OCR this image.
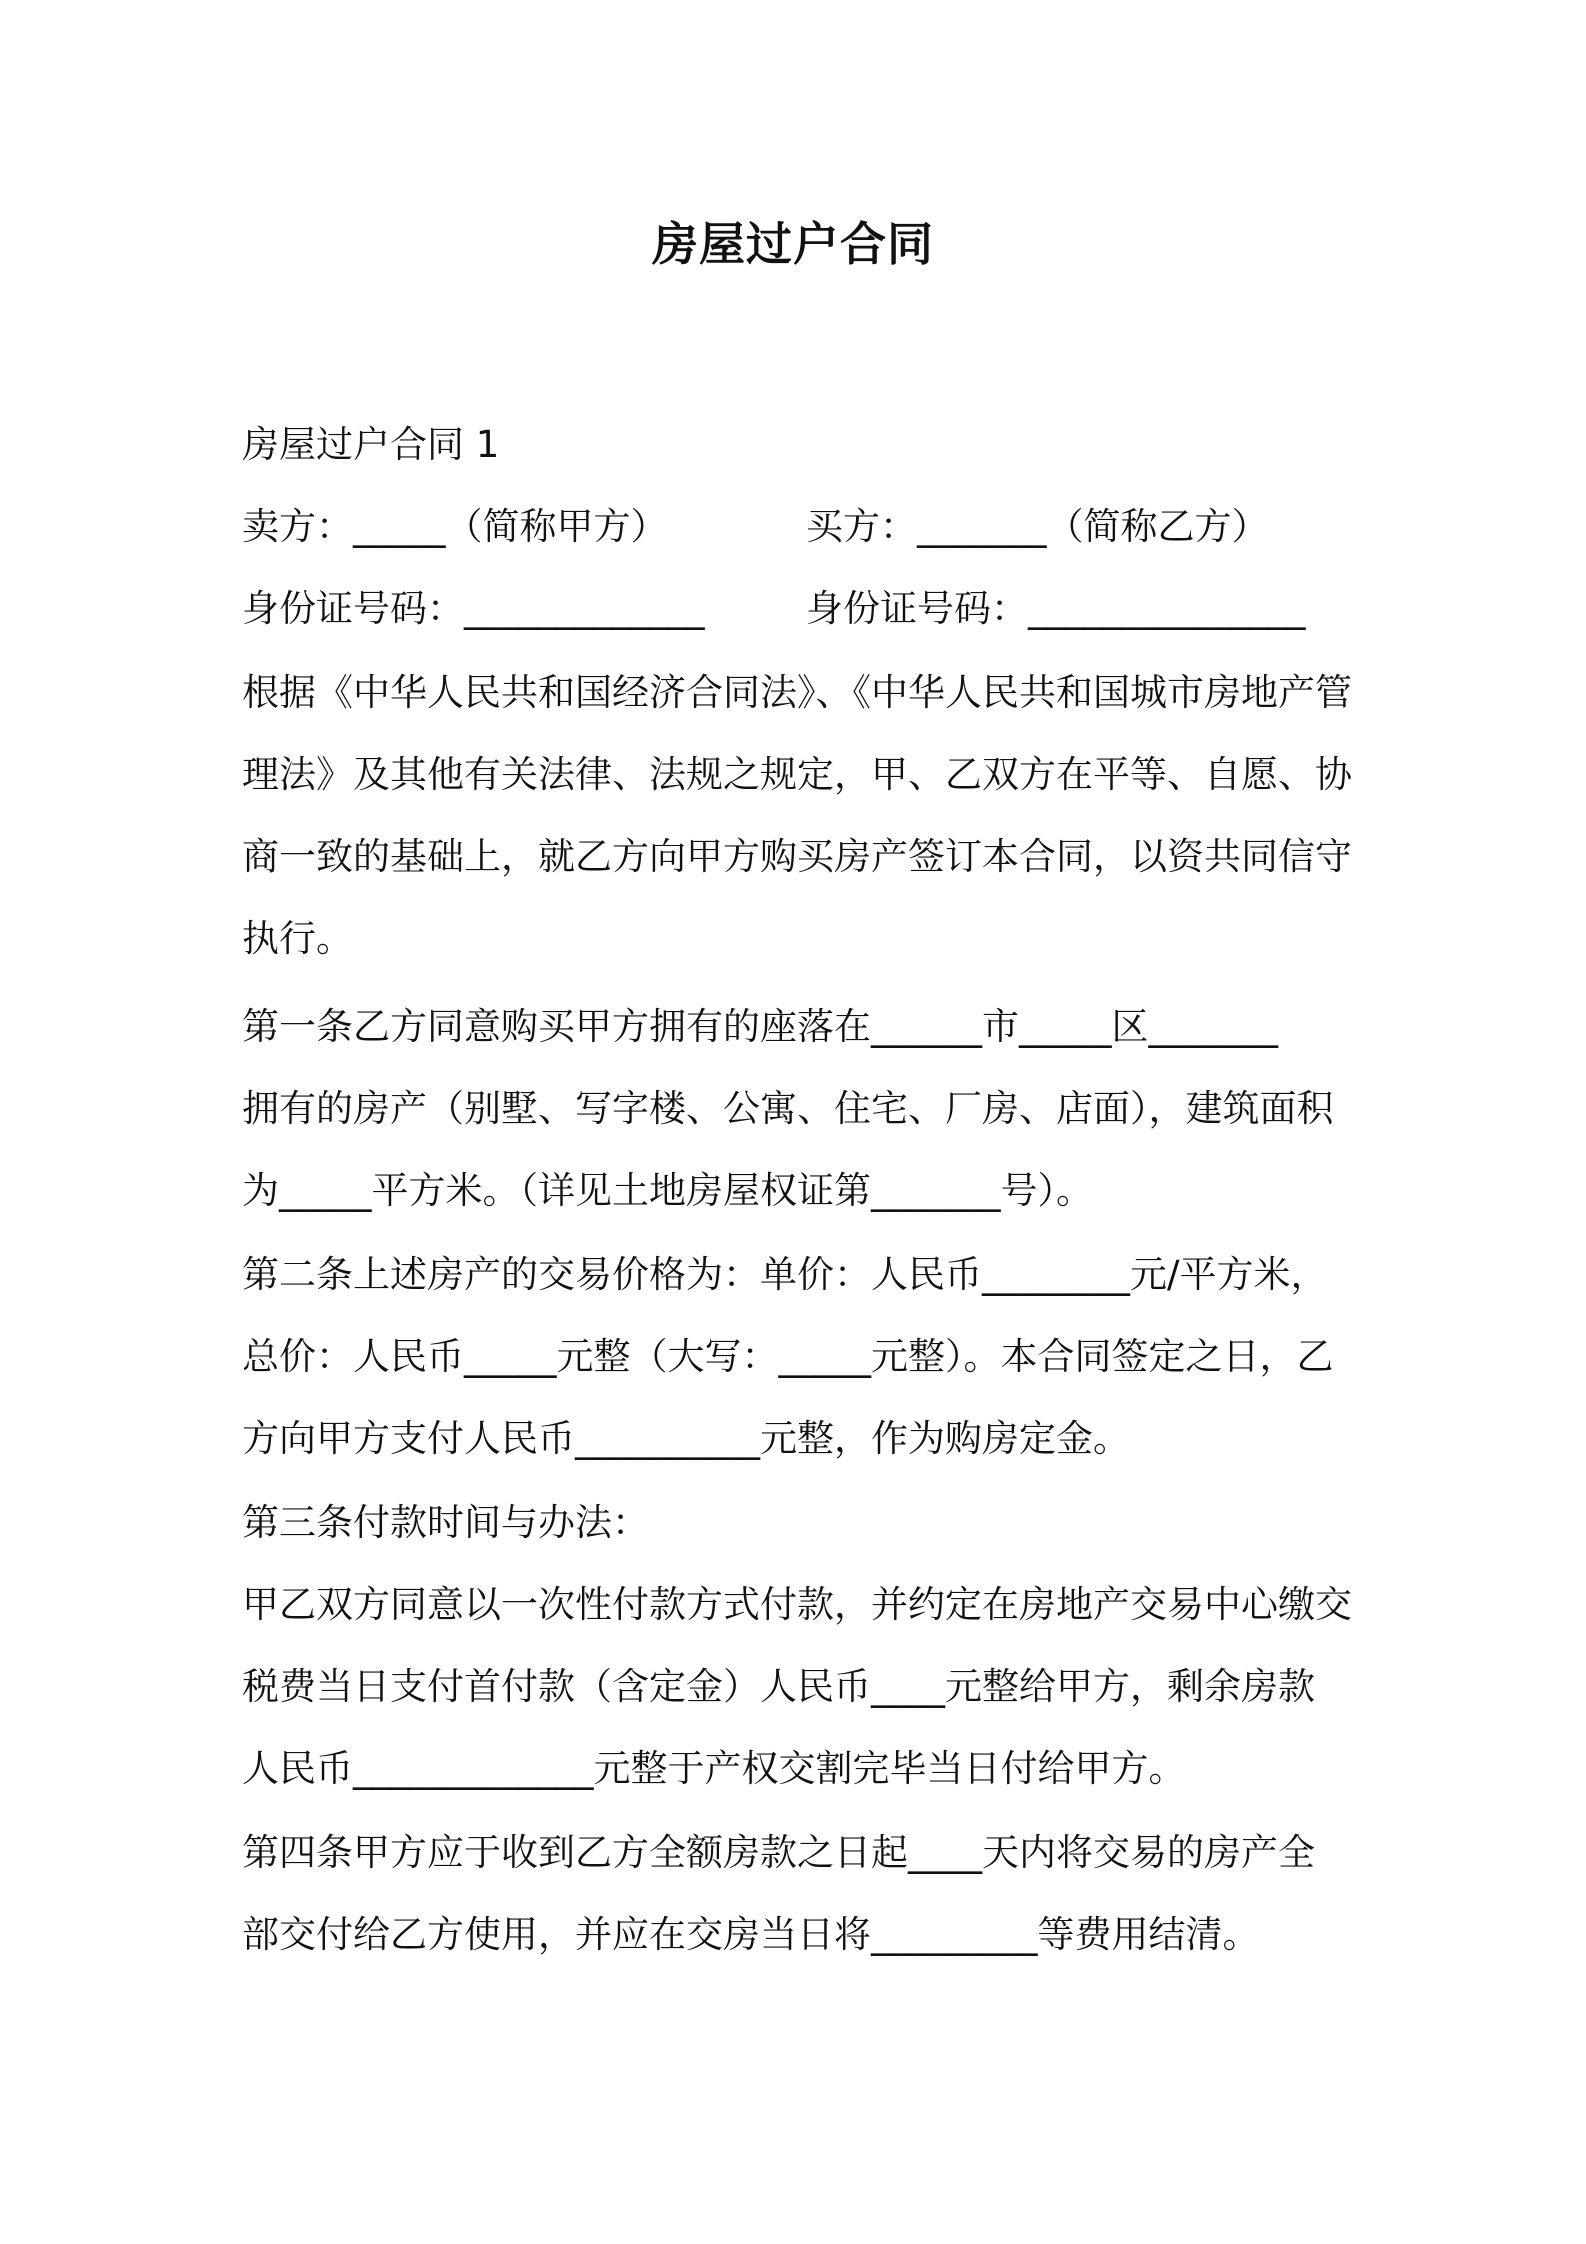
房屋过户合同
房屋过户合同 1
卖方：_____（简称甲方）	买方：_______（简称乙方）
身份证号码：_____________	身份证号码：_______________
根据《中华人民共和国经济合同法》、《中华人民共和国城市房地产管
理法》及其他有关法律、法规之规定，甲、乙双方在平等、自愿、协
商一致的基础上，就乙方向甲方购买房产签订本合同，以资共同信守
执行。
第一条乙方同意购买甲方拥有的座落在______市_____区_______
拥有的房产（别墅、写字楼、公寓、住宅、厂房、店面），建筑面积
为_____平方米。（详见土地房屋权证第_______号）。
第二条上述房产的交易价格为：单价：人民币________元/平方米，
总价：人民币_____元整（大写：_____元整）。本合同签定之日，乙
方向甲方支付人民币__________元整，作为购房定金。
第三条付款时间与办法：
甲乙双方同意以一次性付款方式付款，并约定在房地产交易中心缴交
税费当日支付首付款（含定金）人民币____元整给甲方，剩余房款
人民币_____________元整于产权交割完毕当日付给甲方。
第四条甲方应于收到乙方全额房款之日起____天内将交易的房产全
部交付给乙方使用，并应在交房当日将_________等费用结清。
